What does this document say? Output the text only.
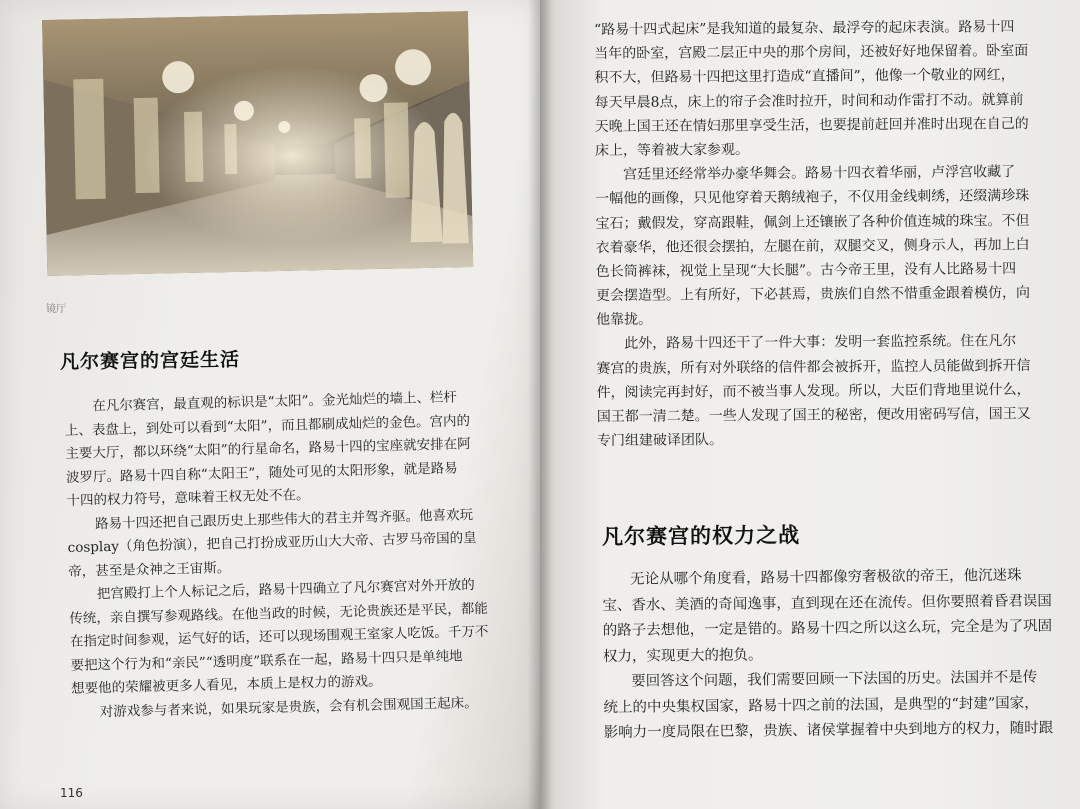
镜厅
凡尔赛宫的宫廷生活
在凡尔赛宫，最直观的标识是“太阳”。金光灿烂的墙上、栏杆
上、表盘上，到处可以看到“太阳”，而且都刷成灿烂的金色。宫内的
主要大厅，都以环绕“太阳”的行星命名，路易十四的宝座就安排在阿
波罗厅。路易十四自称“太阳王”，随处可见的太阳形象，就是路易
十四的权力符号，意味着王权无处不在。
路易十四还把自己跟历史上那些伟大的君主并驾齐驱。他喜欢玩
cosplay（角色扮演），把自己打扮成亚历山大大帝、古罗马帝国的皇
帝，甚至是众神之王宙斯。
把宫殿打上个人标记之后，路易十四确立了凡尔赛宫对外开放的
传统，亲自撰写参观路线。在他当政的时候，无论贵族还是平民，都能
在指定时间参观，运气好的话，还可以现场围观王室家人吃饭。千万不
要把这个行为和“亲民”“透明度”联系在一起，路易十四只是单纯地
想要他的荣耀被更多人看见，本质上是权力的游戏。
对游戏参与者来说，如果玩家是贵族，会有机会围观国王起床。
116
“路易十四式起床”是我知道的最复杂、最浮夸的起床表演。路易十四
当年的卧室，宫殿二层正中央的那个房间，还被好好地保留着。卧室面
积不大，但路易十四把这里打造成“直播间”，他像一个敬业的网红，
每天早晨8点，床上的帘子会准时拉开，时间和动作雷打不动。就算前
天晚上国王还在情妇那里享受生活，也要提前赶回并准时出现在自己的
床上，等着被大家参观。
宫廷里还经常举办豪华舞会。路易十四衣着华丽，卢浮宫收藏了
一幅他的画像，只见他穿着天鹅绒袍子，不仅用金线刺绣，还缀满珍珠
宝石；戴假发，穿高跟鞋，佩剑上还镶嵌了各种价值连城的珠宝。不但
衣着豪华，他还很会摆拍，左腿在前，双腿交叉，侧身示人，再加上白
色长筒裤袜，视觉上呈现“大长腿”。古今帝王里，没有人比路易十四
更会摆造型。上有所好，下必甚焉，贵族们自然不惜重金跟着模仿，向
他靠拢。
此外，路易十四还干了一件大事：发明一套监控系统。住在凡尔
赛宫的贵族，所有对外联络的信件都会被拆开，监控人员能做到拆开信
件，阅读完再封好，而不被当事人发现。所以，大臣们背地里说什么，
国王都一清二楚。一些人发现了国王的秘密，便改用密码写信，国王又
专门组建破译团队。
凡尔赛宫的权力之战
无论从哪个角度看，路易十四都像穷奢极欲的帝王，他沉迷珠
宝、香水、美酒的奇闻逸事，直到现在还在流传。但你要照着昏君误国
的路子去想他，一定是错的。路易十四之所以这么玩，完全是为了巩固
权力，实现更大的抱负。
要回答这个问题，我们需要回顾一下法国的历史。法国并不是传
统上的中央集权国家，路易十四之前的法国，是典型的“封建”国家，
影响力一度局限在巴黎，贵族、诸侯掌握着中央到地方的权力，随时跟
